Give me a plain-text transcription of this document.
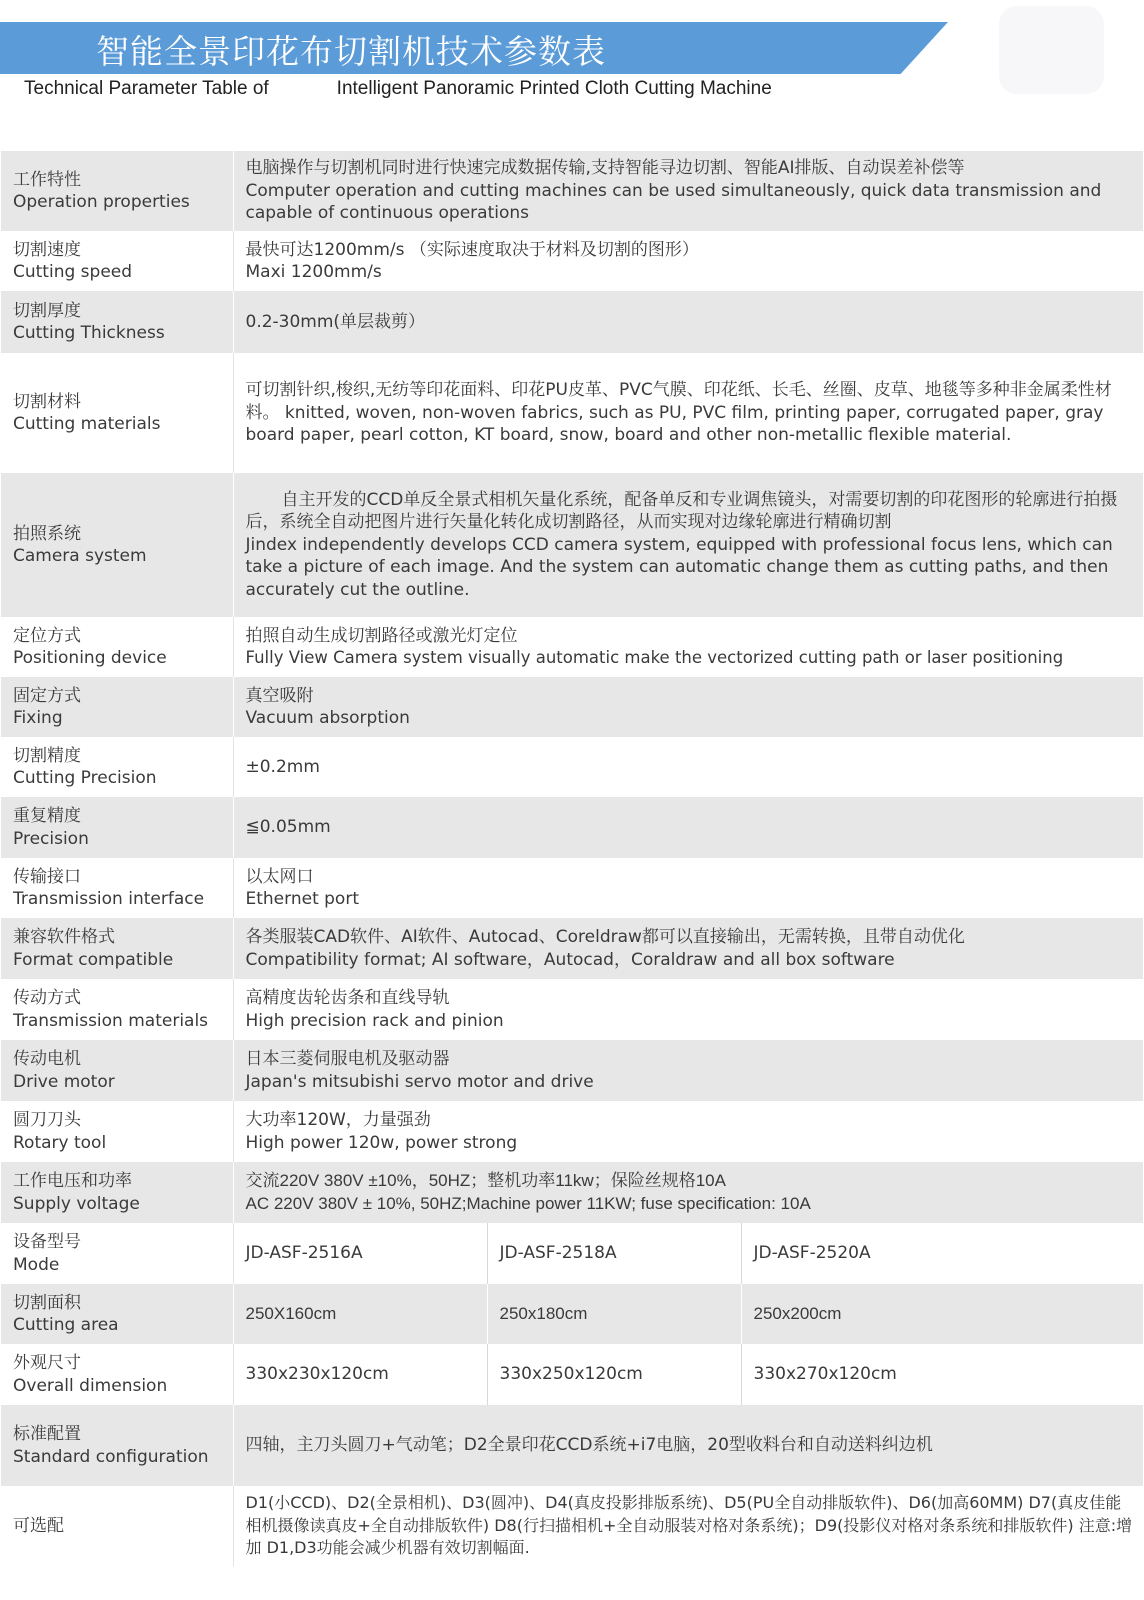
智能全景印花布切割机技术参数表
Technical Parameter Table of	Intelligent Panoramic Printed Cloth Cutting Machine
工作特性
Operation properties	电脑操作与切割机同时进行快速完成数据传输,支持智能寻边切割、智能AI排版、自动误差补偿等
Computer operation and cutting machines can be used simultaneously, quick data transmission and capable of continuous operations		

切割速度
Cutting speed	最快可达1200mm/s （实际速度取决于材料及切割的图形）
Maxi 1200mm/s		

切割厚度
Cutting Thickness	0.2-30mm(单层裁剪）		

切割材料
Cutting materials	可切割针织,梭织,无纺等印花面料、印花PU皮革、PVC气膜、印花纸、长毛、丝圈、皮草、地毯等多种非金属柔性材料。 knitted, woven, non-woven fabrics, such as PU, PVC film, printing paper, corrugated paper, gray board paper, pearl cotton, KT board, snow, board and other non-metallic flexible material.		

拍照系统
Camera system	自主开发的CCD单反全景式相机矢量化系统，配备单反和专业调焦镜头，对需要切割的印花图形的轮廓进行拍摄后，系统全自动把图片进行矢量化转化成切割路径，从而实现对边缘轮廓进行精确切割
Jindex independently develops CCD camera system, equipped with professional focus lens, which can take a picture of each image. And the system can automatic change them as cutting paths, and then accurately cut the outline.		

定位方式
Positioning device	拍照自动生成切割路径或激光灯定位
Fully View Camera system visually automatic make the vectorized cutting path or laser positioning		

固定方式
Fixing	真空吸附
Vacuum absorption		

切割精度
Cutting Precision	±0.2mm		

重复精度
Precision	≦0.05mm		

传输接口
Transmission interface	以太网口
Ethernet port		

兼容软件格式
Format compatible	各类服装CAD软件、AI软件、Autocad、Coreldraw都可以直接输出，无需转换，且带自动优化
Compatibility format; AI software，Autocad，Coraldraw and all box software		

传动方式
Transmission materials	高精度齿轮齿条和直线导轨
High precision rack and pinion		

传动电机
Drive motor	日本三菱伺服电机及驱动器
Japan's mitsubishi servo motor and drive		

圆刀刀头
Rotary tool	大功率120W，力量强劲
High power 120w, power strong		

工作电压和功率
Supply voltage	交流220V 380V ±10%，50HZ；整机功率11kw；保险丝规格10A
AC 220V 380V ± 10%, 50HZ;Machine power 11KW; fuse specification: 10A		

设备型号
Mode	JD-ASF-2516A	JD-ASF-2518A	JD-ASF-2520A

切割面积
Cutting area	250X160cm	250x180cm	250x200cm

外观尺寸
Overall dimension	330x230x120cm	330x250x120cm	330x270x120cm

标准配置
Standard configuration	四轴，主刀头圆刀+气动笔；D2全景印花CCD系统+i7电脑，20型收料台和自动送料纠边机		

可选配	D1(小CCD)、D2(全景相机)、D3(圆冲)、D4(真皮投影排版系统)、D5(PU全自动排版软件)、D6(加高60MM) D7(真皮佳能相机摄像读真皮+全自动排版软件) D8(行扫描相机+全自动服装对格对条系统)；D9(投影仪对格对条系统和排版软件) 注意:增加 D1,D3功能会减少机器有效切割幅面.		
